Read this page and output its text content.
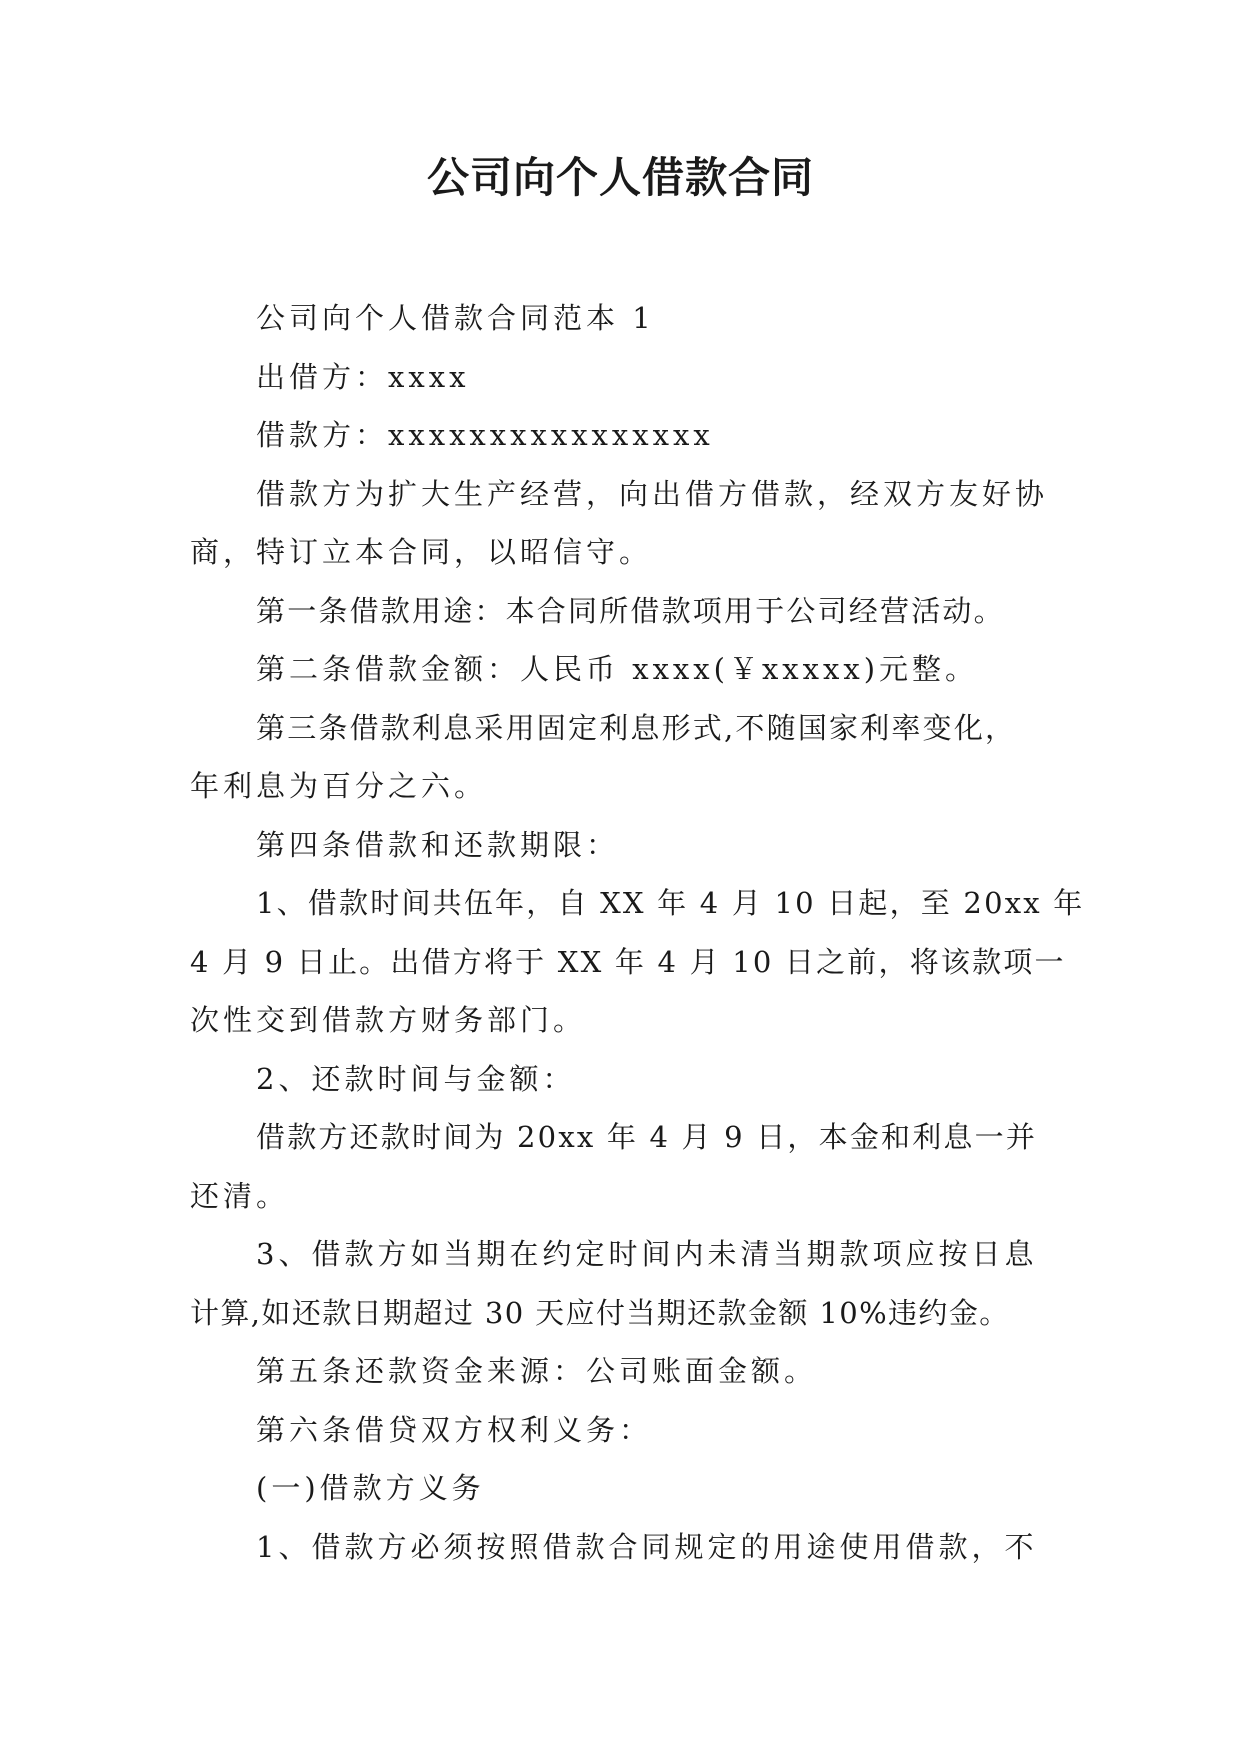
公司向个人借款合同

公司向个人借款合同范本 1

出借方：xxxx

借款方：xxxxxxxxxxxxxxxx

借款方为扩大生产经营，向出借方借款，经双方友好协

商，特订立本合同，以昭信守。

第一条借款用途：本合同所借款项用于公司经营活动。

第二条借款金额：人民币 xxxx(￥xxxxx)元整。

第三条借款利息采用固定利息形式,不随国家利率变化，

年利息为百分之六。

第四条借款和还款期限：

1、借款时间共伍年，自 XX 年 4 月 10 日起，至 20xx 年

4 月 9 日止。出借方将于 XX 年 4 月 10 日之前，将该款项一

次性交到借款方财务部门。

2、还款时间与金额：

借款方还款时间为 20xx 年 4 月 9 日，本金和利息一并

还清。

3、借款方如当期在约定时间内未清当期款项应按日息

计算,如还款日期超过 30 天应付当期还款金额 10%违约金。

第五条还款资金来源：公司账面金额。

第六条借贷双方权利义务：

(一)借款方义务

1、借款方必须按照借款合同规定的用途使用借款，不
